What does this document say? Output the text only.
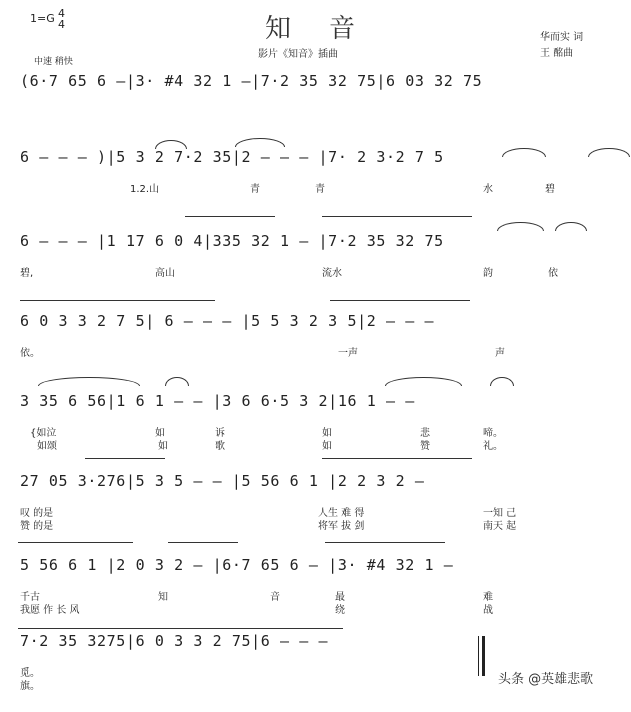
1=G 4
4	知音
影片《知音》插曲
华而实 词
王 酩曲
中速 稍快
(6·7 65 6 –|3· #4 32 1 –|7·2 35 32 75|6 03 32 75
6 – – – )|5 3 2 7·2 35|2 – – – |7· 2 3·2 7 5
1.2.山	青	青	水	碧
6 – – – |1 17 6 0 4|335 32 1 – |7·2 35 32 75
碧,	高山	流水	韵	依
6 0 3 3 2 7 5| 6 – – – |5 5 3 2 3 5|2 – – –
依。	一声	声
3 35 6 56|1 6 1 – – |3 6 6·5 3 2|16 1 – –
{如泣	如	诉	如	悲	啼。
如颂	如	歌	如	赞	礼。
27 05 3·276|5 3 5 – – |5 56 6 1 |2 2 3 2 –
叹 的是	人生 难 得	一知 己
赞 的是	将军 拔 剑	南天 起
5 56 6 1 |2 0 3 2 – |6·7 65 6 – |3· #4 32 1 –
千古	知	音	最	难
我愿 作 长 风	绕	战
7·2 35 3275|6 0 3 3 2 75|6 – – –
觅。
旗。	头条 @英雄悲歌
